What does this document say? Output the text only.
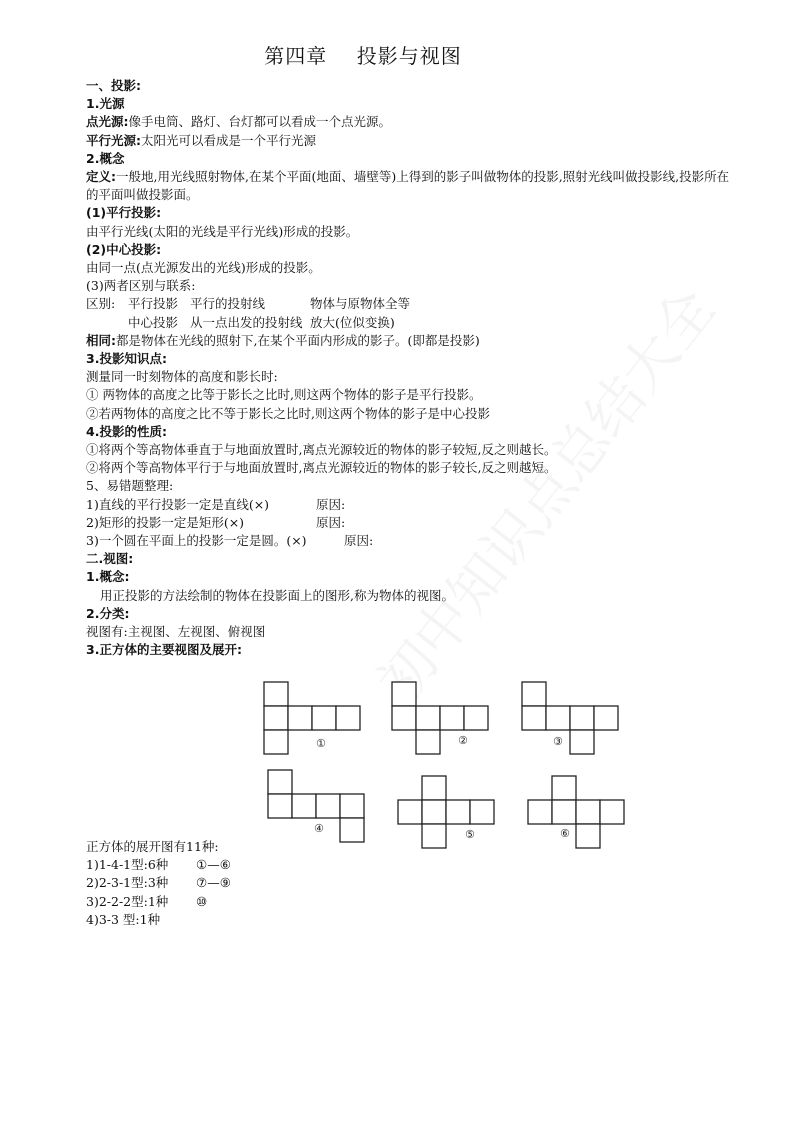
第四章 投影与视图
一、投影:
1.光源
点光源:像手电筒、路灯、台灯都可以看成一个点光源。
平行光源:太阳光可以看成是一个平行光源
2.概念
定义:一般地,用光线照射物体,在某个平面(地面、墙壁等)上得到的影子叫做物体的投影,照射光线叫做投影线,投影所在的平面叫做投影面。
(1)平行投影:
由平行光线(太阳的光线是平行光线)形成的投影。
(2)中心投影:
由同一点(点光源发出的光线)形成的投影。
(3)两者区别与联系:
区别: 平行投影 平行的投射线	物体与原物体全等
中心投影 从一点出发的投射线 放大(位似变换)
相同:都是物体在光线的照射下,在某个平面内形成的影子。(即都是投影)
3.投影知识点:
测量同一时刻物体的高度和影长时:
① 两物体的高度之比等于影长之比时,则这两个物体的影子是平行投影。
②若两物体的高度之比不等于影长之比时,则这两个物体的影子是中心投影
4.投影的性质:
①将两个等高物体垂直于与地面放置时,离点光源较近的物体的影子较短,反之则越长。
②将两个等高物体平行于与地面放置时,离点光源较近的物体的影子较长,反之则越短。
5、易错题整理:
1)直线的平行投影一定是直线(×)	原因:
2)矩形的投影一定是矩形(×)	原因:
3)一个圆在平面上的投影一定是圆。(×)	原因:
二.视图:
1.概念:
用正投影的方法绘制的物体在投影面上的图形,称为物体的视图。
2.分类:
视图有:主视图、左视图、俯视图
3.正方体的主要视图及展开:
①	②	③
④	⑤	⑥
正方体的展开图有11种:
1)1-4-1型:6种 ①—⑥
2)2-3-1型:3种 ⑦—⑨
3)2-2-2型:1种 ⑩
4)3-3 型:1种
